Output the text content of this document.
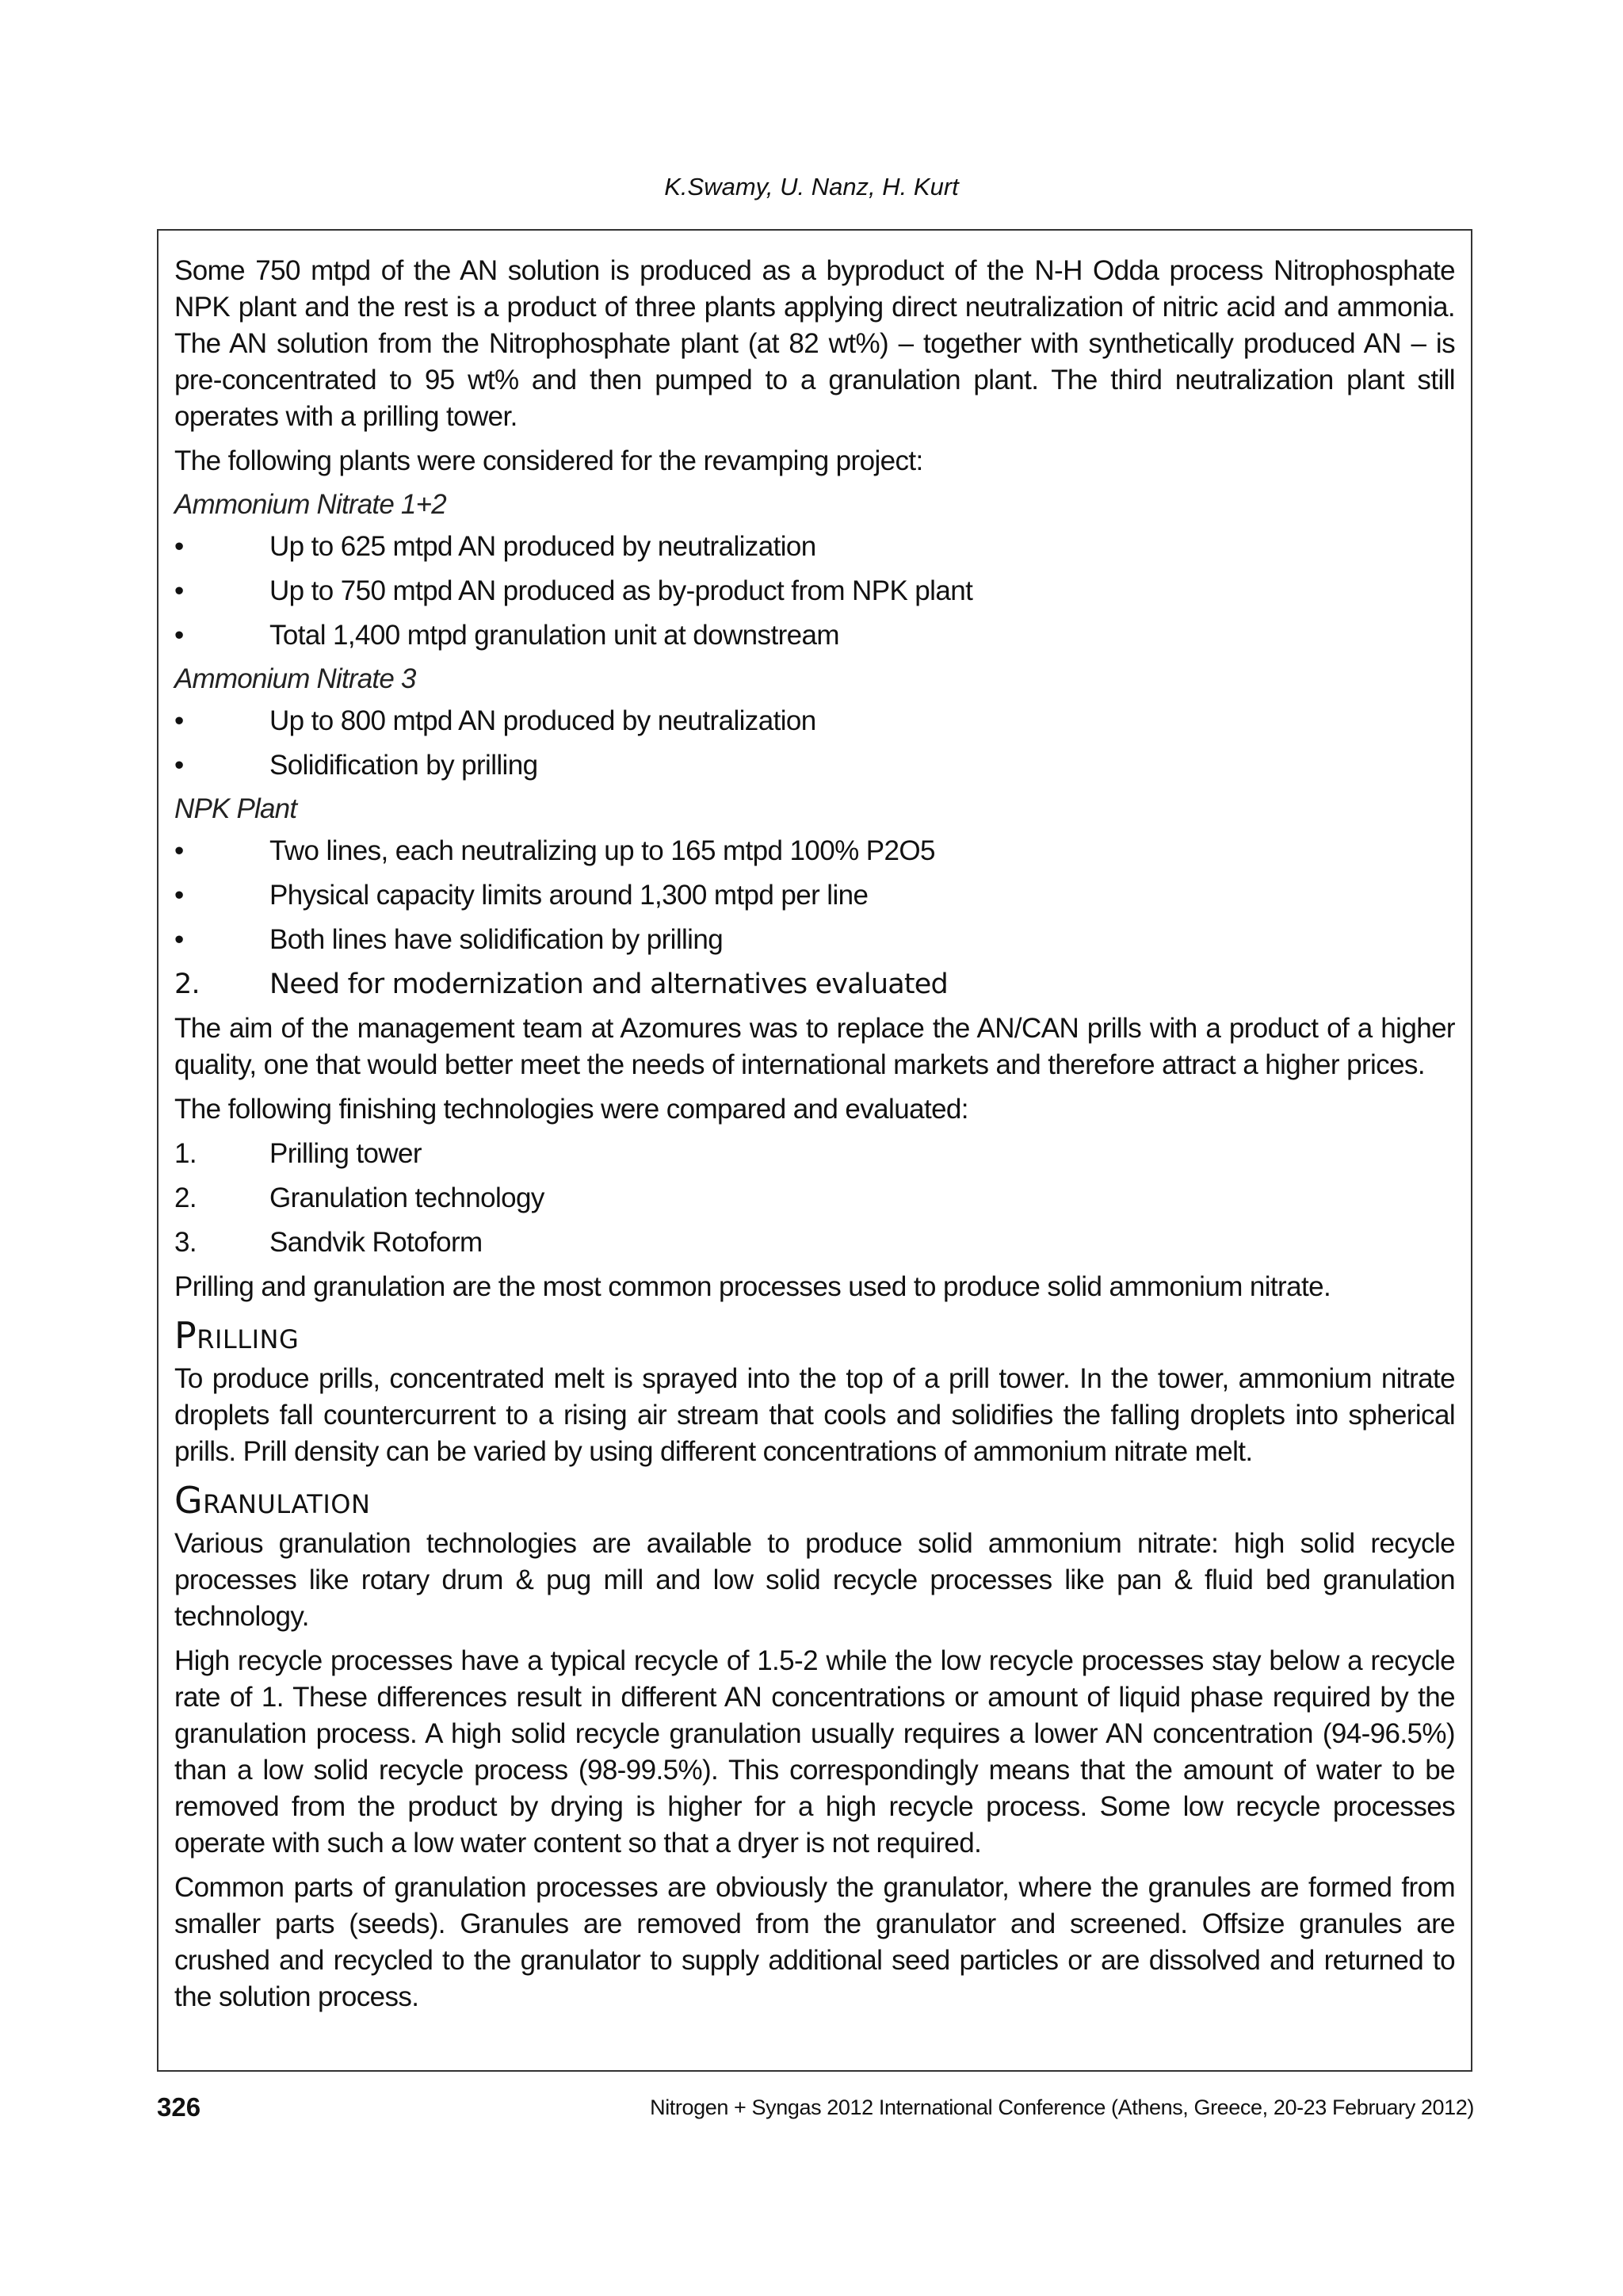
K.Swamy, U. Nanz, H. Kurt

Some 750 mtpd of the AN solution is produced as a byproduct of the N-H Odda process Nitrophosphate NPK plant and the rest is a product of three plants applying direct neutralization of nitric acid and ammonia. The AN solution from the Nitrophosphate plant (at 82 wt%) – together with synthetically produced AN – is pre-concentrated to 95 wt% and then pumped to a granulation plant. The third neutralization plant still operates with a prilling tower.

The following plants were considered for the revamping project:

Ammonium Nitrate 1+2
•	Up to 625 mtpd AN produced by neutralization
•	Up to 750 mtpd AN produced as by-product from NPK plant
•	Total 1,400 mtpd granulation unit at downstream
Ammonium Nitrate 3
•	Up to 800 mtpd AN produced by neutralization
•	Solidification by prilling
NPK Plant
•	Two lines, each neutralizing up to 165 mtpd 100% P2O5
•	Physical capacity limits around 1,300 mtpd per line
•	Both lines have solidification by prilling
2.	Need for modernization and alternatives evaluated

The aim of the management team at Azomures was to replace the AN/CAN prills with a product of a higher quality, one that would better meet the needs of international markets and therefore attract a higher prices.

The following finishing technologies were compared and evaluated:

1.	Prilling tower
2.	Granulation technology
3.	Sandvik Rotoform

Prilling and granulation are the most common processes used to produce solid ammonium nitrate.

Prilling

To produce prills, concentrated melt is sprayed into the top of a prill tower. In the tower, ammonium nitrate droplets fall countercurrent to a rising air stream that cools and solidifies the falling droplets into spherical prills. Prill density can be varied by using different concentrations of ammonium nitrate melt.

Granulation

Various granulation technologies are available to produce solid ammonium nitrate: high solid recycle processes like rotary drum & pug mill and low solid recycle processes like pan & fluid bed granulation technology.

High recycle processes have a typical recycle of 1.5-2 while the low recycle processes stay below a recycle rate of 1. These differences result in different AN concentrations or amount of liquid phase required by the granulation process. A high solid recycle granulation usually requires a lower AN concentration (94-96.5%) than a low solid recycle process (98-99.5%). This correspondingly means that the amount of water to be removed from the product by drying is higher for a high recycle process. Some low recycle processes operate with such a low water content so that a dryer is not required.

Common parts of granulation processes are obviously the granulator, where the granules are formed from smaller parts (seeds). Granules are removed from the granulator and screened. Offsize granules are crushed and recycled to the granulator to supply additional seed particles or are dissolved and returned to the solution process.

326	Nitrogen + Syngas 2012 International Conference (Athens, Greece, 20-23 February 2012)
